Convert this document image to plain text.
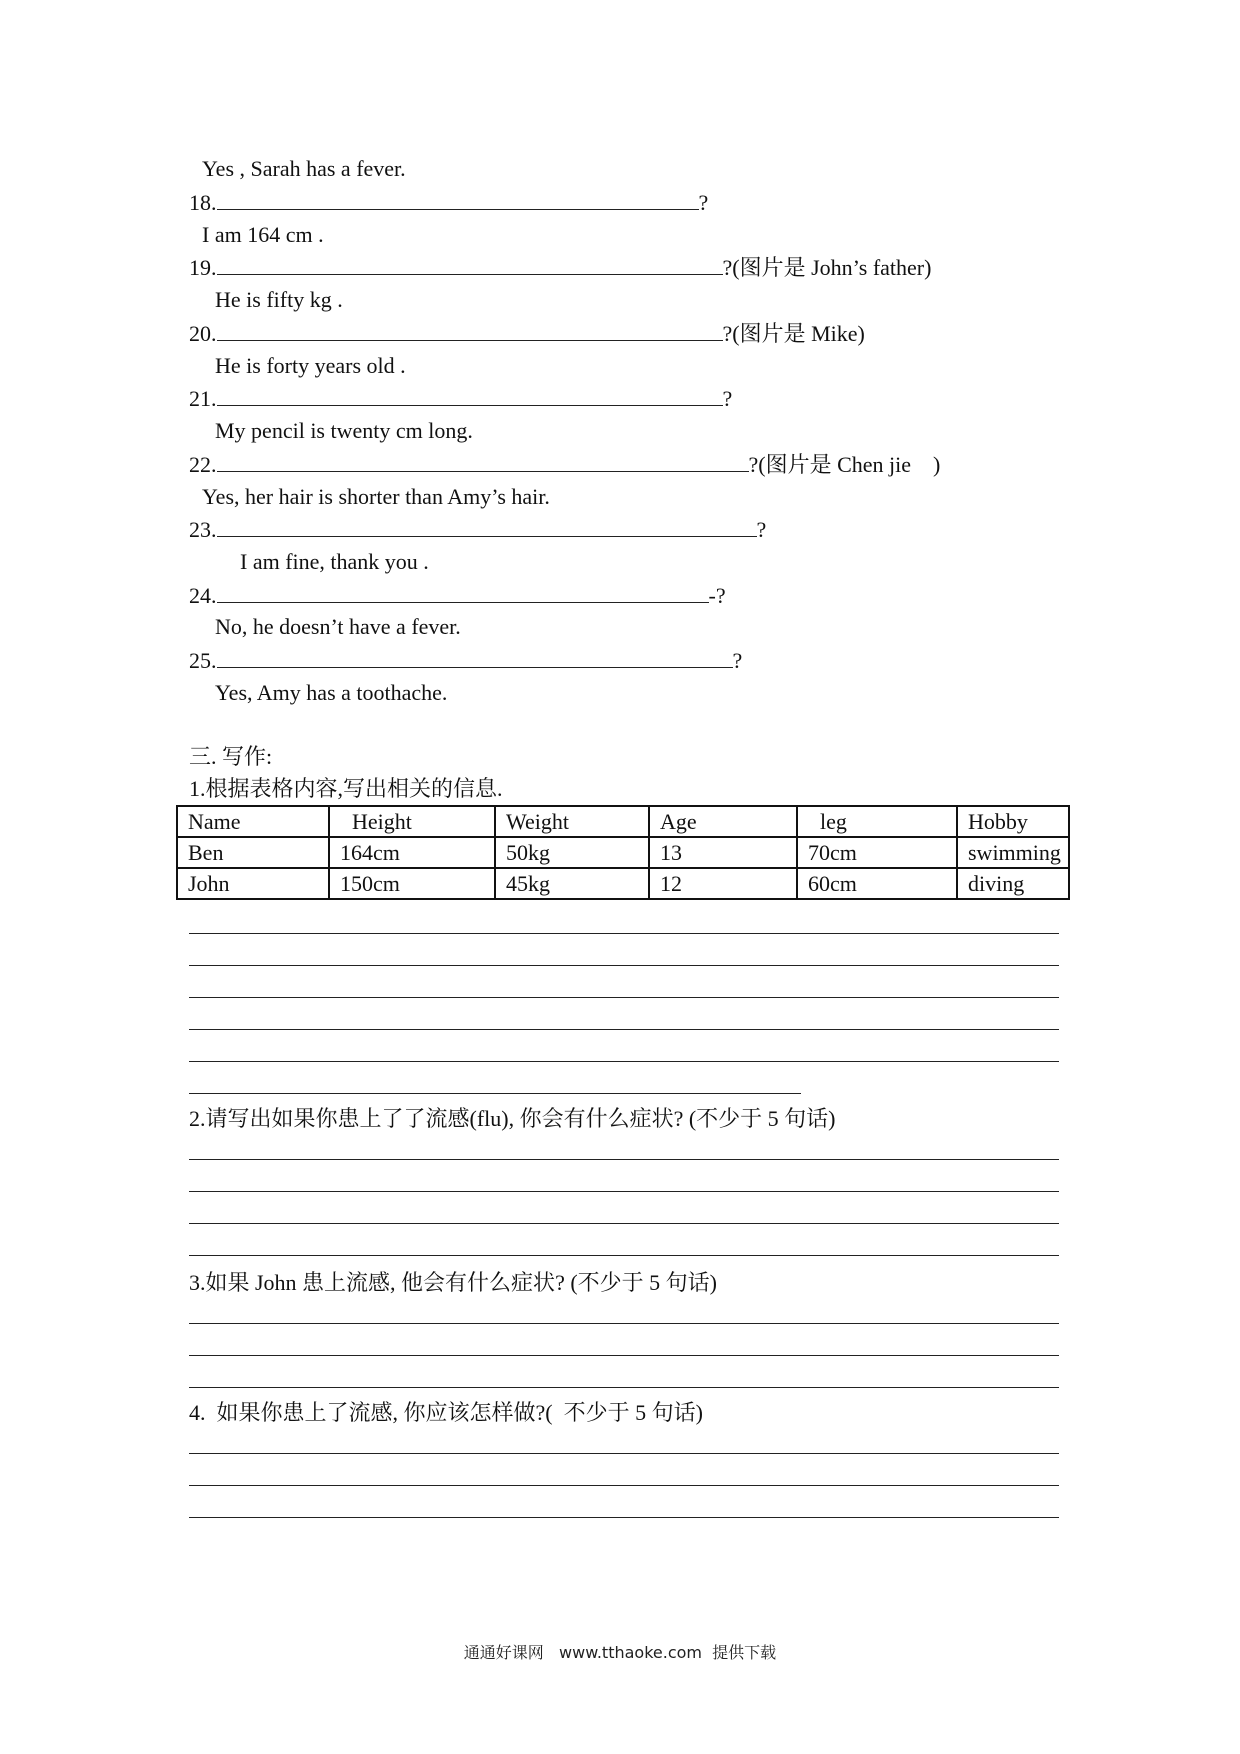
Yes , Sarah has a fever.
18.	?
I am 164 cm .
19.	?(图片是 John’s father)
He is fifty kg .
20.	?(图片是 Mike)
He is forty years old .
21.	?
My pencil is twenty cm long.
22.	?(图片是 Chen jie    )
Yes, her hair is shorter than Amy’s hair.
23.	?
I am fine, thank you .
24.	-?
No, he doesn’t have a fever.
25.	?
Yes, Amy has a toothache.
三. 写作:
1.根据表格内容,写出相关的信息.
Name	Height	Weight	Age	leg	Hobby
Ben	164cm	50kg	13	70cm	swimming
John	150cm	45kg	12	60cm	diving
2.请写出如果你患上了了流感(flu), 你会有什么症状? (不少于 5 句话)
3.如果 John 患上流感, 他会有什么症状? (不少于 5 句话)
4.  如果你患上了流感, 你应该怎样做?(  不少于 5 句话)
通通好课网   www.tthaoke.com  提供下载
